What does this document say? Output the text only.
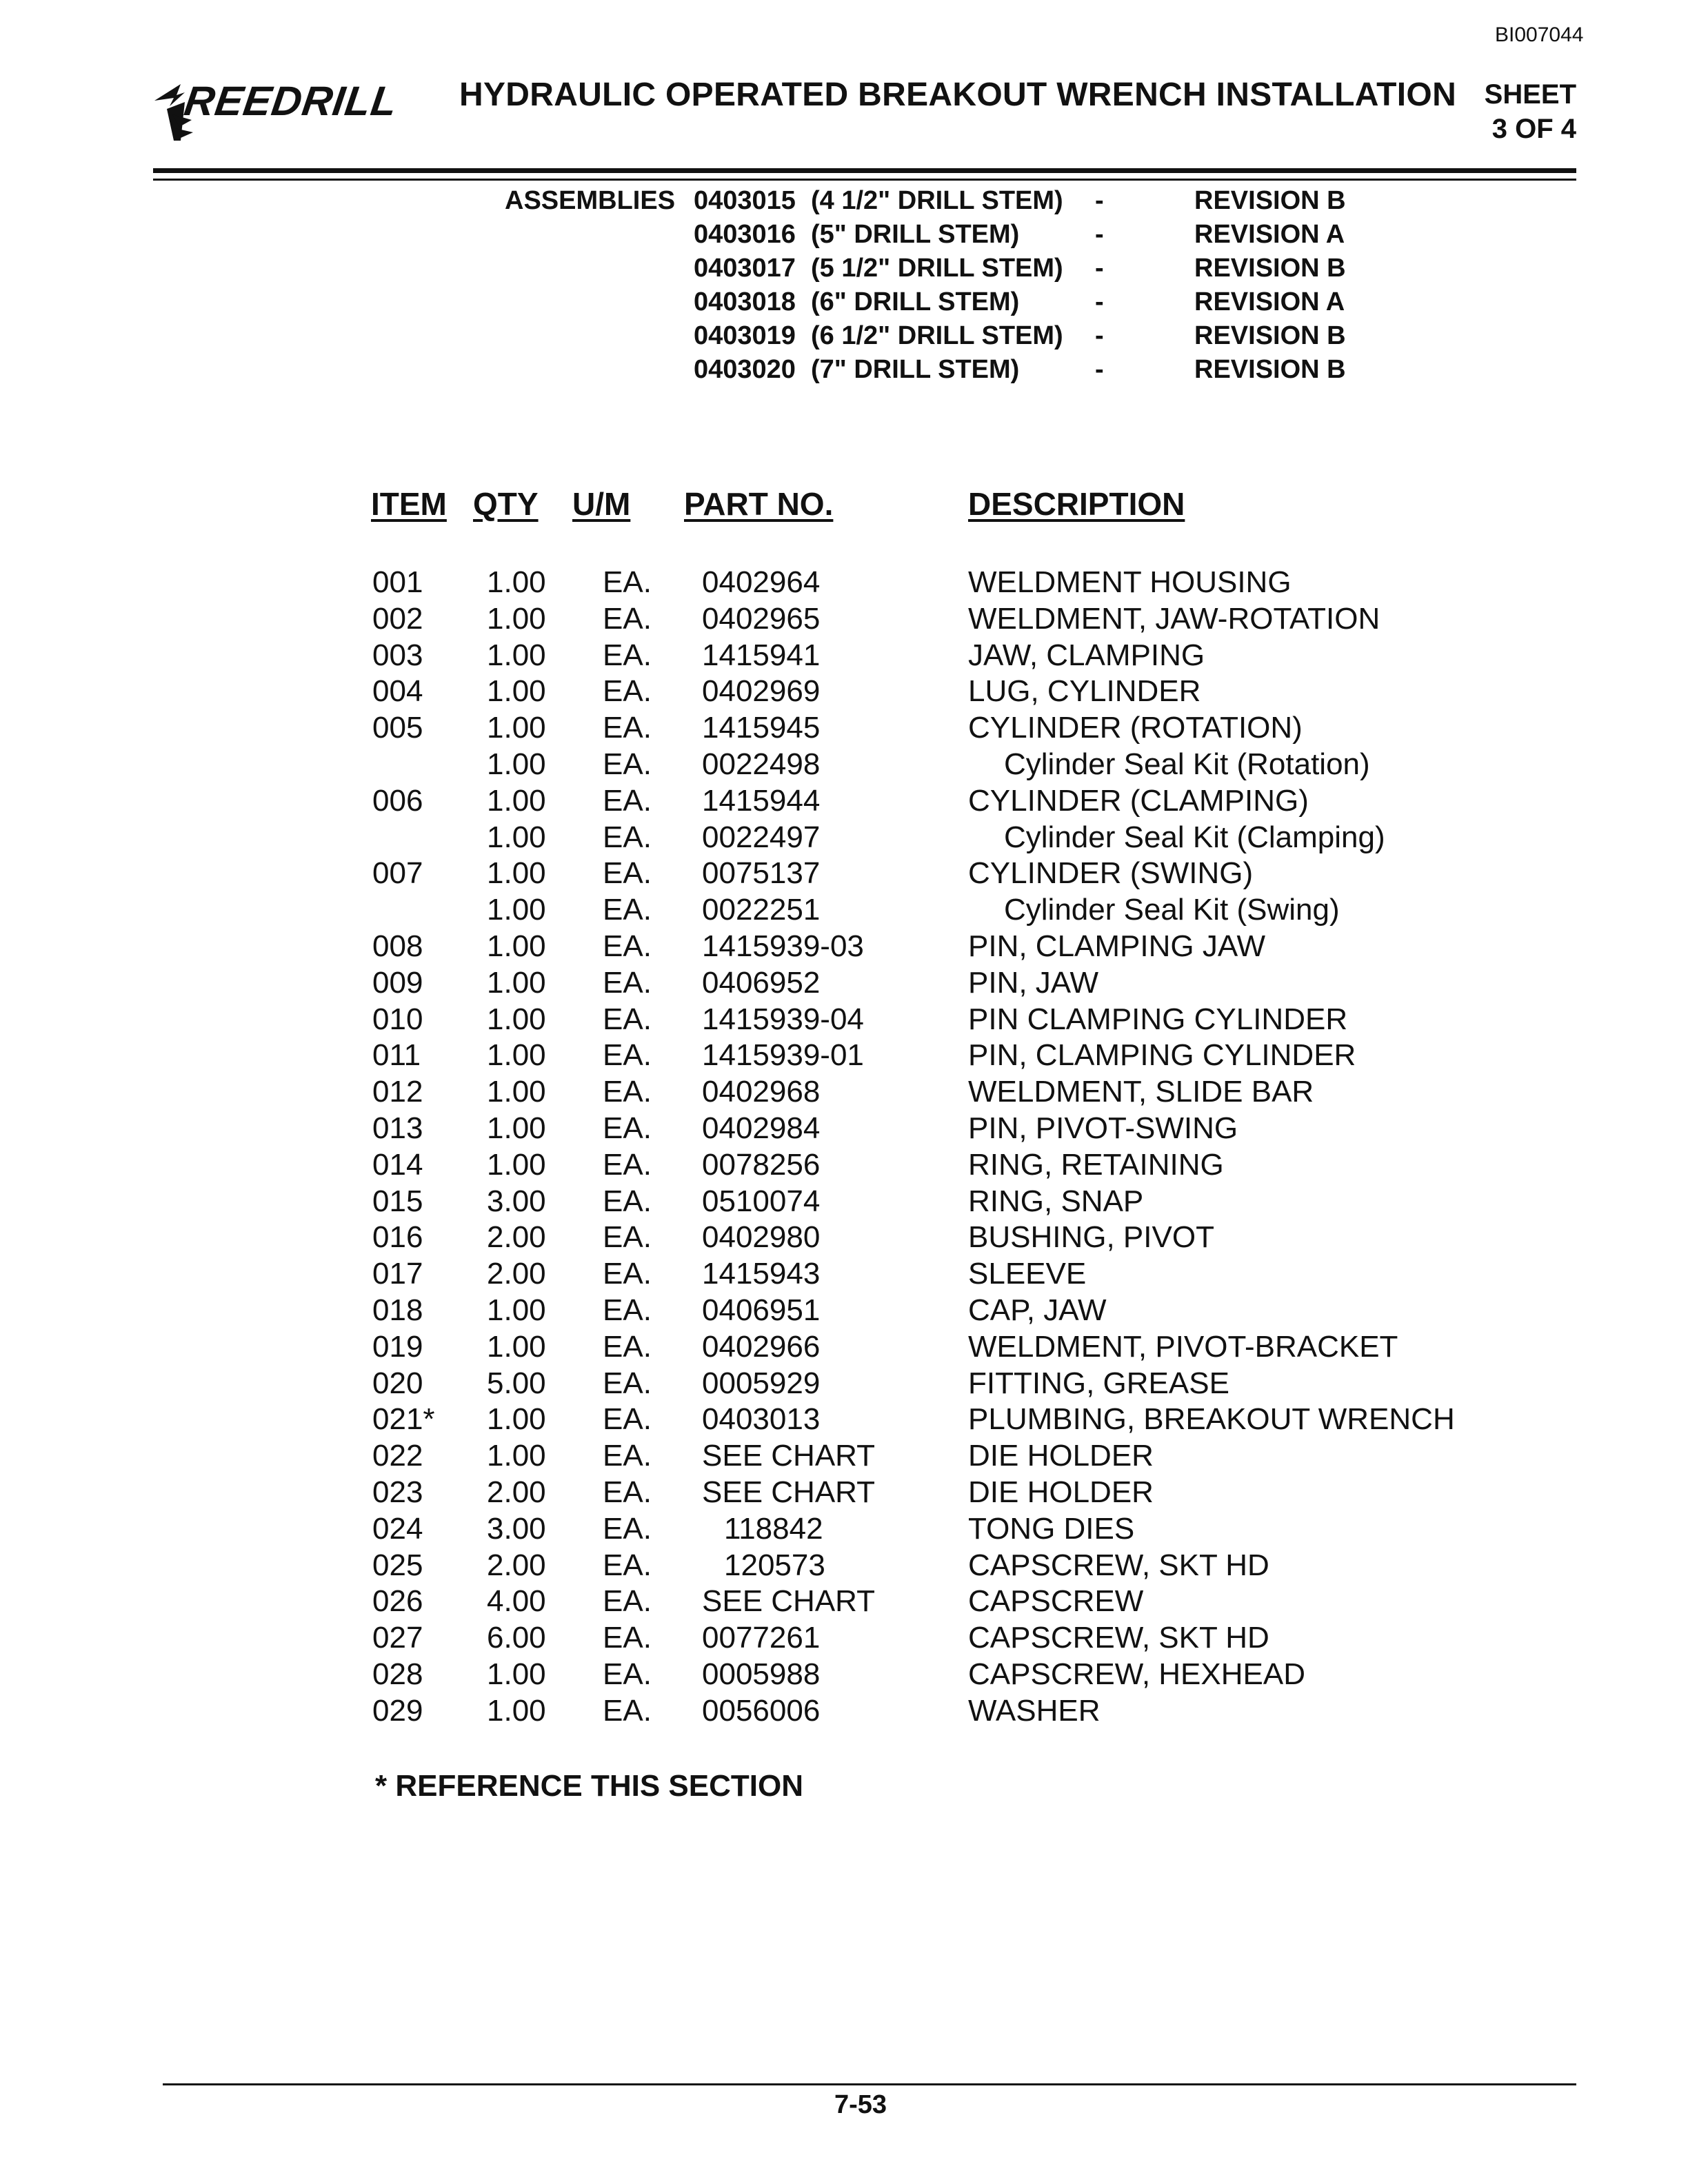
BI007044
REEDRILL HYDRAULIC OPERATED BREAKOUT WRENCH INSTALLATION	SHEET
3 OF 4
ASSEMBLIES 0403015 (4 1/2" DRILL STEM) -	REVISION B
0403016 (5" DRILL STEM)	-	REVISION A
0403017 (5 1/2" DRILL STEM) -	REVISION B
0403018 (6" DRILL STEM)	-	REVISION A
0403019 (6 1/2" DRILL STEM) -	REVISION B
0403020 (7" DRILL STEM)	-	REVISION B
ITEM QTY U/M PART NO.	DESCRIPTION
001 1.00 EA. 0402964	WELDMENT HOUSING
002 1.00 EA. 0402965	WELDMENT, JAW-ROTATION
003 1.00 EA. 1415941	JAW, CLAMPING
004 1.00 EA. 0402969	LUG, CYLINDER
005 1.00 EA. 1415945	CYLINDER (ROTATION)
1.00 EA. 0022498	Cylinder Seal Kit (Rotation)
006 1.00 EA. 1415944	CYLINDER (CLAMPING)
1.00 EA. 0022497	Cylinder Seal Kit (Clamping)
007 1.00 EA. 0075137	CYLINDER (SWING)
1.00 EA. 0022251	Cylinder Seal Kit (Swing)
008 1.00 EA. 1415939-03	PIN, CLAMPING JAW
009 1.00 EA. 0406952	PIN, JAW
010 1.00 EA. 1415939-04	PIN CLAMPING CYLINDER
011 1.00 EA. 1415939-01	PIN, CLAMPING CYLINDER
012 1.00 EA. 0402968	WELDMENT, SLIDE BAR
013 1.00 EA. 0402984	PIN, PIVOT-SWING
014 1.00 EA. 0078256	RING, RETAINING
015 3.00 EA. 0510074	RING, SNAP
016 2.00 EA. 0402980	BUSHING, PIVOT
017 2.00 EA. 1415943	SLEEVE
018 1.00 EA. 0406951	CAP, JAW
019 1.00 EA. 0402966	WELDMENT, PIVOT-BRACKET
020 5.00 EA. 0005929	FITTING, GREASE
021* 1.00 EA. 0403013	PLUMBING, BREAKOUT WRENCH
022 1.00 EA. SEE CHART	DIE HOLDER
023 2.00 EA. SEE CHART	DIE HOLDER
024 3.00 EA.	118842	TONG DIES
025 2.00 EA.	120573	CAPSCREW, SKT HD
026 4.00 EA. SEE CHART	CAPSCREW
027 6.00 EA. 0077261	CAPSCREW, SKT HD
028 1.00 EA. 0005988	CAPSCREW, HEXHEAD
029 1.00 EA. 0056006	WASHER
* REFERENCE THIS SECTION
7-53
